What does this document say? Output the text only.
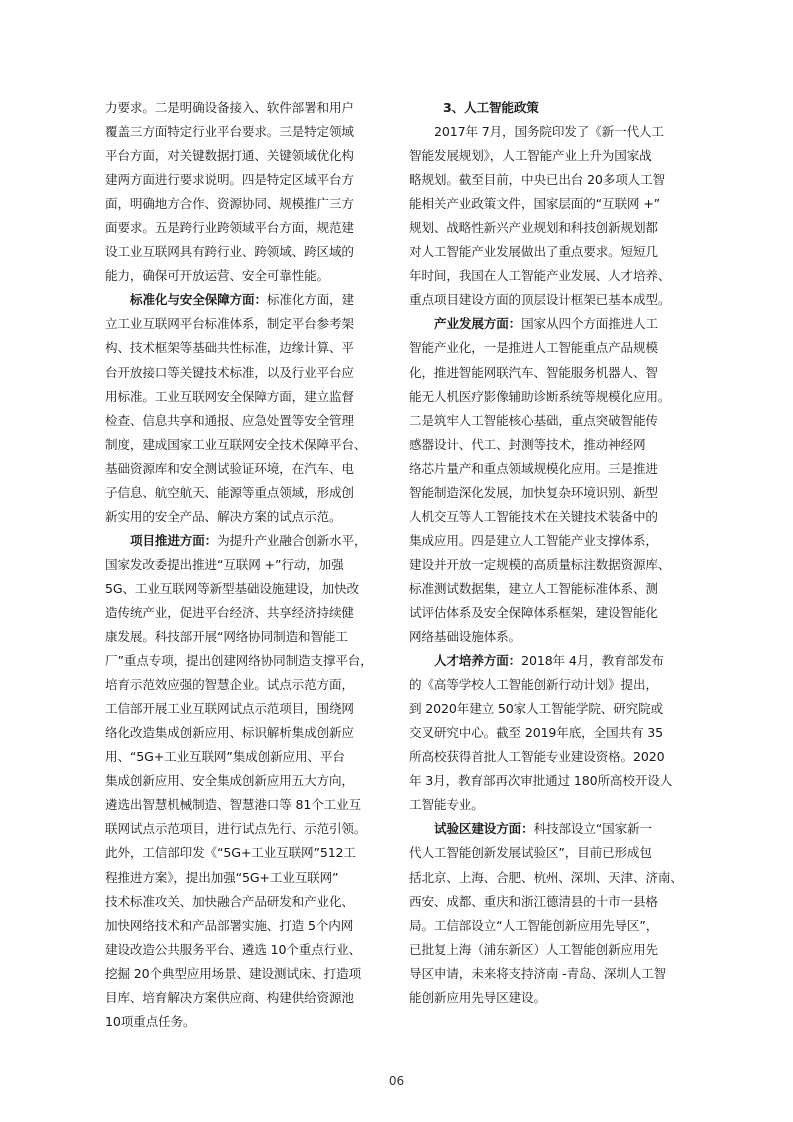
力要求。二是明确设备接入、软件部署和用户
覆盖三方面特定行业平台要求。三是特定领域
平台方面，对关键数据打通、关键领域优化构
建两方面进行要求说明。四是特定区域平台方
面，明确地方合作、资源协同、规模推广三方
面要求。五是跨行业跨领域平台方面，规范建
设工业互联网具有跨行业、跨领域、跨区域的
能力，确保可开放运营、安全可靠性能。
标准化与安全保障方面：标准化方面，建
立工业互联网平台标准体系，制定平台参考架
构、技术框架等基础共性标准，边缘计算、平
台开放接口等关键技术标准，以及行业平台应
用标准。工业互联网安全保障方面，建立监督
检查、信息共享和通报、应急处置等安全管理
制度，建成国家工业互联网安全技术保障平台、
基础资源库和安全测试验证环境，在汽车、电
子信息、航空航天、能源等重点领域，形成创
新实用的安全产品、解决方案的试点示范。
项目推进方面：为提升产业融合创新水平，
国家发改委提出推进“互联网 +”行动，加强
5G、工业互联网等新型基础设施建设，加快改
造传统产业，促进平台经济、共享经济持续健
康发展。科技部开展“网络协同制造和智能工
厂”重点专项，提出创建网络协同制造支撑平台，
培育示范效应强的智慧企业。试点示范方面，
工信部开展工业互联网试点示范项目，围绕网
络化改造集成创新应用、标识解析集成创新应
用、“5G+工业互联网”集成创新应用、平台
集成创新应用、安全集成创新应用五大方向，
遴选出智慧机械制造、智慧港口等 81个工业互
联网试点示范项目，进行试点先行、示范引领。
此外，工信部印发《“5G+工业互联网”512工
程推进方案》，提出加强“5G+工业互联网”
技术标准攻关、加快融合产品研发和产业化、
加快网络技术和产品部署实施、打造 5个内网
建设改造公共服务平台、遴选 10个重点行业、
挖掘 20个典型应用场景、建设测试床、打造项
目库、培育解决方案供应商、构建供给资源池
10项重点任务。
3、人工智能政策
2017年 7月，国务院印发了《新一代人工
智能发展规划》，人工智能产业上升为国家战
略规划。截至目前，中央已出台 20多项人工智
能相关产业政策文件，国家层面的“互联网 +”
规划、战略性新兴产业规划和科技创新规划都
对人工智能产业发展做出了重点要求。短短几
年时间，我国在人工智能产业发展、人才培养、
重点项目建设方面的顶层设计框架已基本成型。
产业发展方面：国家从四个方面推进人工
智能产业化，一是推进人工智能重点产品规模
化，推进智能网联汽车、智能服务机器人、智
能无人机医疗影像辅助诊断系统等规模化应用。
二是筑牢人工智能核心基础，重点突破智能传
感器设计、代工、封测等技术，推动神经网
络芯片量产和重点领域规模化应用。三是推进
智能制造深化发展，加快复杂环境识别、新型
人机交互等人工智能技术在关键技术装备中的
集成应用。四是建立人工智能产业支撑体系，
建设并开放一定规模的高质量标注数据资源库、
标准测试数据集，建立人工智能标准体系、测
试评估体系及安全保障体系框架，建设智能化
网络基础设施体系。
人才培养方面：2018年 4月，教育部发布
的《高等学校人工智能创新行动计划》提出，
到 2020年建立 50家人工智能学院、研究院或
交叉研究中心。截至 2019年底，全国共有 35
所高校获得首批人工智能专业建设资格。2020
年 3月，教育部再次审批通过 180所高校开设人
工智能专业。
试验区建设方面：科技部设立“国家新一
代人工智能创新发展试验区”，目前已形成包
括北京、上海、合肥、杭州、深圳、天津、济南、
西安、成都、重庆和浙江德清县的十市一县格
局。工信部设立“人工智能创新应用先导区”，
已批复上海（浦东新区）人工智能创新应用先
导区申请，未来将支持济南 -青岛、深圳人工智
能创新应用先导区建设。
06
